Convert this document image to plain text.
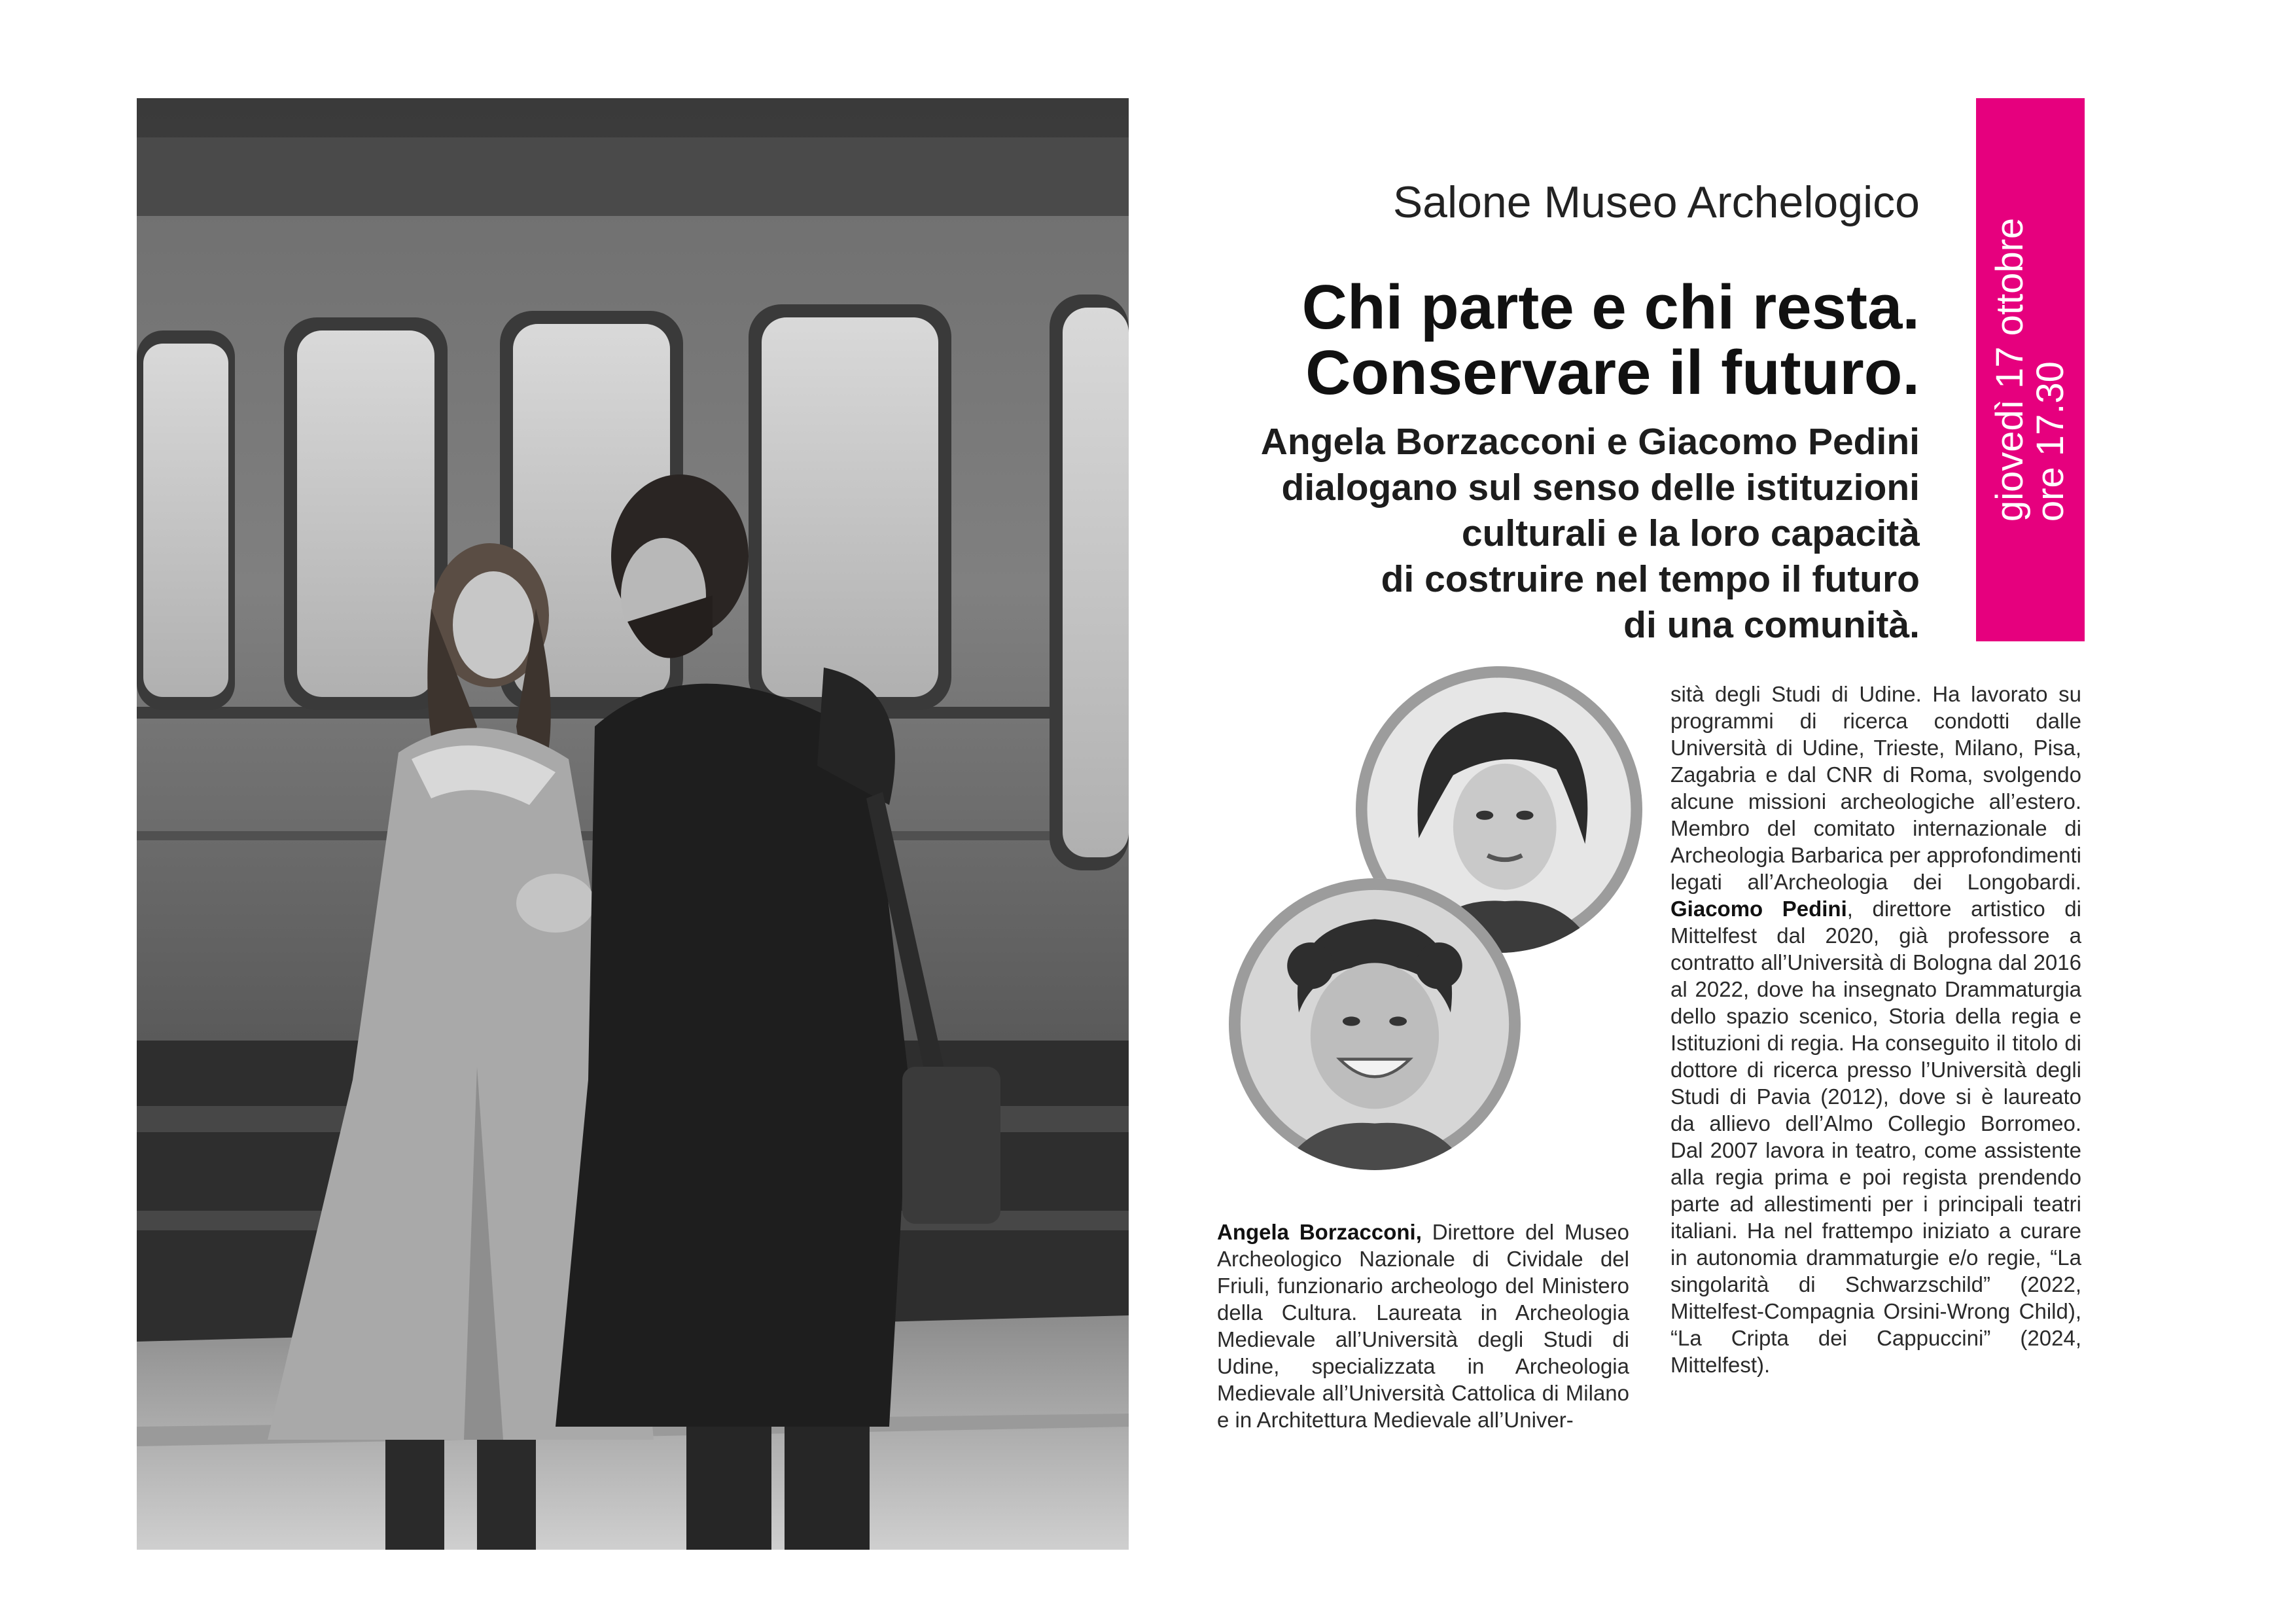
giovedì 17 ottobre
ore 17.30
Salone Museo Archelogico
Chi parte e chi resta.
Conservare il futuro.
Angela Borzacconi e Giacomo Pedini
dialogano sul senso delle istituzioni
culturali e la loro capacità
di costruire nel tempo il futuro
di una comunità.
Angela Borzacconi, Direttore del Museo Archeologico Nazionale di Cividale del Friuli, funzionario archeologo del Ministero della Cultura. Laureata in Archeologia Medievale all’Università degli Studi di Udine, specializzata in Archeologia Medievale all’Università Cattolica di Milano e in Architettura Medievale all’Univer-
sità degli Studi di Udine. Ha lavorato su programmi di ricerca condotti dalle Università di Udine, Trieste, Milano, Pisa, Zagabria e dal CNR di Roma, svolgendo alcune missioni archeologiche all’estero. Membro del comitato internazionale di Archeologia Barbarica per approfondimenti legati all’Archeologia dei Longobardi. Giacomo Pedini, direttore artistico di Mittelfest dal 2020, già professore a contratto all’Università di Bologna dal 2016 al 2022, dove ha insegnato Drammaturgia dello spazio scenico, Storia della regia e Istituzioni di regia. Ha conseguito il titolo di dottore di ricerca presso l’Università degli Studi di Pavia (2012), dove si è laureato da allievo dell’Almo Collegio Borromeo. Dal 2007 lavora in teatro, come assistente alla regia prima e poi regista prendendo parte ad allestimenti per i principali teatri italiani. Ha nel frattempo iniziato a curare in autonomia drammaturgie e/o regie, “La singolarità di Schwarzschild” (2022, Mittelfest-Compagnia Orsini-Wrong Child), “La Cripta dei Cappuccini” (2024, Mittelfest).
